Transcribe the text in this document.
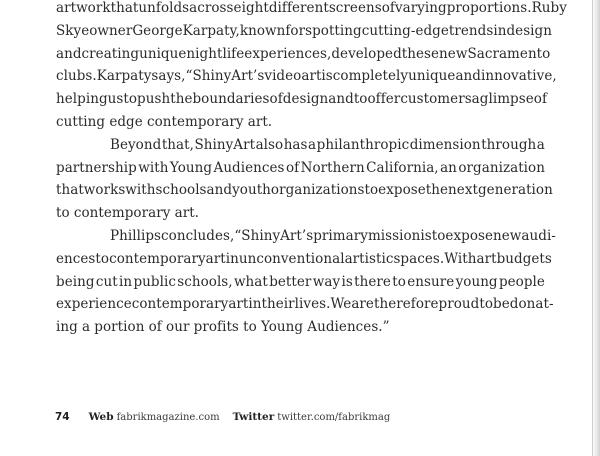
artwork that unfolds across eight different screens of varying proportions. Ruby
Skye owner George Karpaty, known for spotting cutting-edge trends in design
and creating unique nightlife experiences, developed these new Sacramento
clubs. Karpaty says, “ShinyArt’s video art is completely unique and innovative,
helping us to push the boundaries of design and to offer customers a glimpse of
cutting edge contemporary art.
Beyond that, ShinyArt also has a philanthropic dimension through a
partnership with Young Audiences of Northern California, an organization
that works with schools and youth organizations to expose the next generation
to contemporary art.
Phillips concludes, “ShinyArt’s primary mission is to expose new audi-
ences to contemporary art in unconventional artistic spaces. With art budgets
being cut in public schools, what better way is there to ensure young people
experience contemporary art in their lives. We are therefore proud to be donat-
ing a portion of our profits to Young Audiences.”
74 Web fabrikmagazine.com Twitter twitter.com/fabrikmag
